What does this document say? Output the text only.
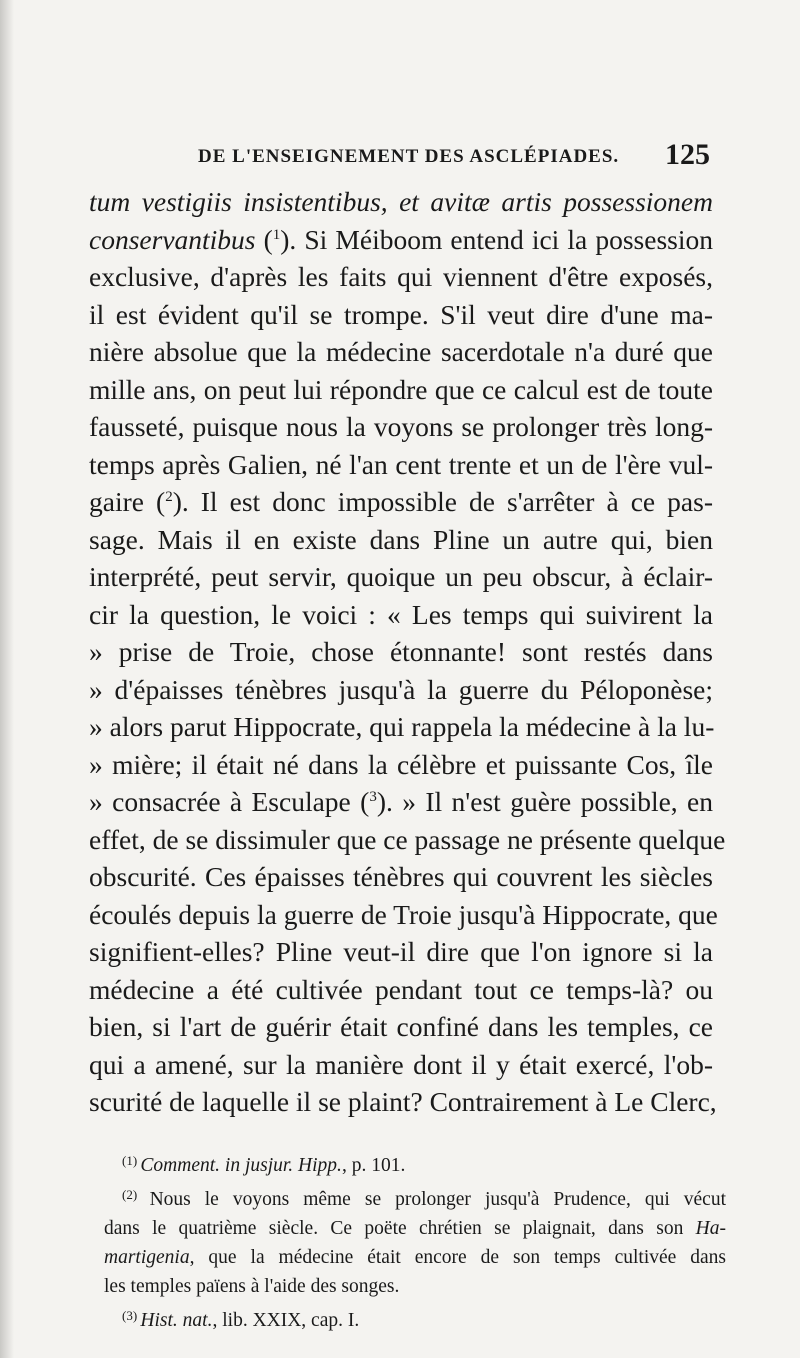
DE L'ENSEIGNEMENT DES ASCLÉPIADES. 125
tum vestigiis insistentibus, et avitæ artis possessionem
conservantibus ($^1$). Si Méiboom entend ici la possession
exclusive, d'après les faits qui viennent d'être exposés,
il est évident qu'il se trompe. S'il veut dire d'une ma-
nière absolue que la médecine sacerdotale n'a duré que
mille ans, on peut lui répondre que ce calcul est de toute
fausseté, puisque nous la voyons se prolonger très long-
temps après Galien, né l'an cent trente et un de l'ère vul-
gaire ($^2$). Il est donc impossible de s'arrêter à ce pas-
sage. Mais il en existe dans Pline un autre qui, bien
interprété, peut servir, quoique un peu obscur, à éclair-
cir la question, le voici : « Les temps qui suivirent la
» prise de Troie, chose étonnante! sont restés dans
» d'épaisses ténèbres jusqu'à la guerre du Péloponèse;
» alors parut Hippocrate, qui rappela la médecine à la lu-
» mière; il était né dans la célèbre et puissante Cos, île
» consacrée à Esculape ($^3$). » Il n'est guère possible, en
effet, de se dissimuler que ce passage ne présente quelque
obscurité. Ces épaisses ténèbres qui couvrent les siècles
écoulés depuis la guerre de Troie jusqu'à Hippocrate, que
signifient-elles? Pline veut-il dire que l'on ignore si la
médecine a été cultivée pendant tout ce temps-là? ou
bien, si l'art de guérir était confiné dans les temples, ce
qui a amené, sur la manière dont il y était exercé, l'ob-
scurité de laquelle il se plaint? Contrairement à Le Clerc,
$^{(1)}$ Comment. in jusjur. Hipp., p. 101.
$^{(2)}$ Nous le voyons même se prolonger jusqu'à Prudence, qui vécut
dans le quatrième siècle. Ce poëte chrétien se plaignait, dans son Ha-
martigenia, que la médecine était encore de son temps cultivée dans
les temples païens à l'aide des songes.
$^{(3)}$ Hist. nat., lib. XXIX, cap. I.
